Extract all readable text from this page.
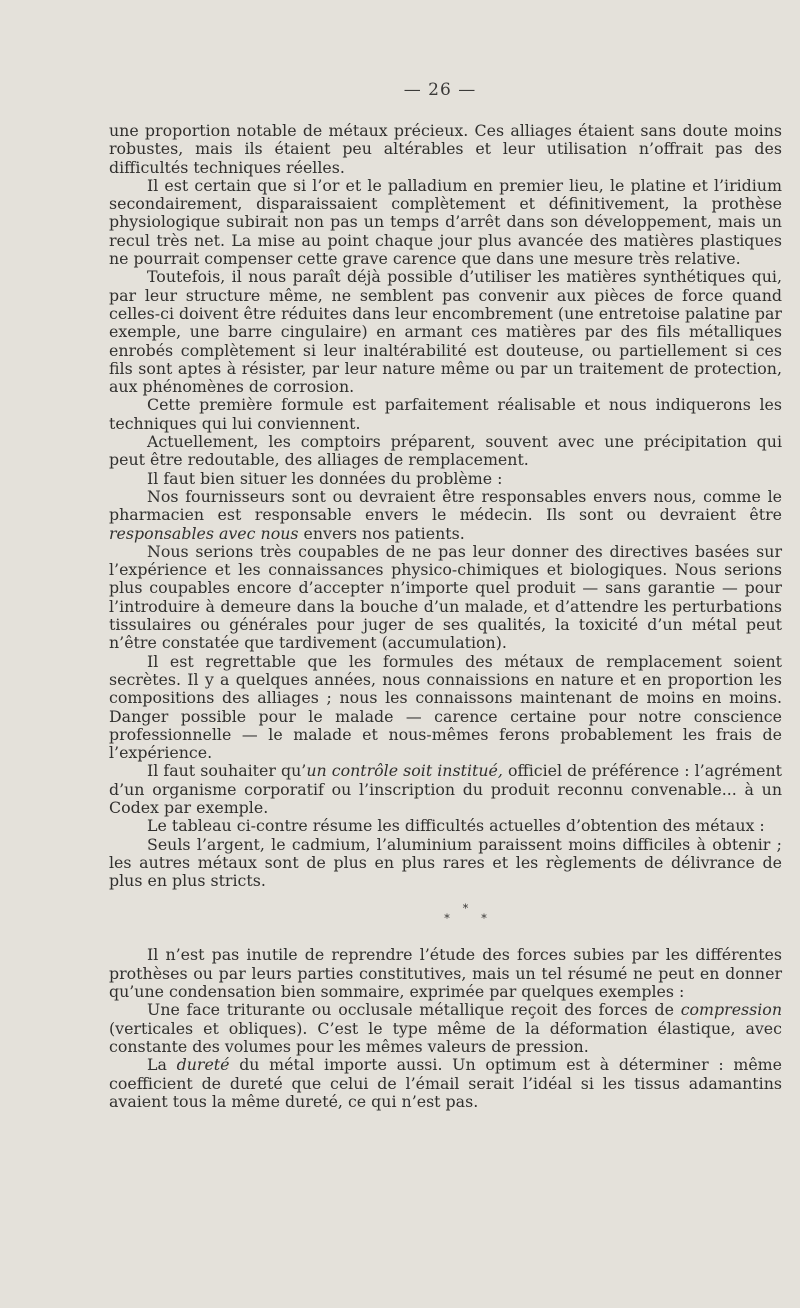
— 26 —

une proportion notable de métaux précieux. Ces alliages étaient sans doute moins robustes, mais ils étaient peu altérables et leur utilisation n’offrait pas des difficultés techniques réelles.

Il est certain que si l’or et le palladium en premier lieu, le platine et l’iridium secondairement, disparaissaient complètement et définitivement, la prothèse physiologique subirait non pas un temps d’arrêt dans son développement, mais un recul très net. La mise au point chaque jour plus avancée des matières plastiques ne pourrait compenser cette grave carence que dans une mesure très relative.

Toutefois, il nous paraît déjà possible d’utiliser les matières synthétiques qui, par leur structure même, ne semblent pas convenir aux pièces de force quand celles-ci doivent être réduites dans leur encombrement (une entretoise palatine par exemple, une barre cingulaire) en armant ces matières par des fils métalliques enrobés complètement si leur inaltérabilité est douteuse, ou partiellement si ces fils sont aptes à résister, par leur nature même ou par un traitement de protection, aux phénomènes de corrosion.

Cette première formule est parfaitement réalisable et nous indiquerons les techniques qui lui conviennent.

Actuellement, les comptoirs préparent, souvent avec une précipitation qui peut être redoutable, des alliages de remplacement.

Il faut bien situer les données du problème :

Nos fournisseurs sont ou devraient être responsables envers nous, comme le pharmacien est responsable envers le médecin. Ils sont ou devraient être responsables avec nous envers nos patients.

Nous serions très coupables de ne pas leur donner des directives basées sur l’expérience et les connaissances physico-chimiques et biologiques. Nous serions plus coupables encore d’accepter n’importe quel produit — sans garantie — pour l’introduire à demeure dans la bouche d’un malade, et d’attendre les perturbations tissulaires ou générales pour juger de ses qualités, la toxicité d’un métal peut n’être constatée que tardivement (accumulation).

Il est regrettable que les formules des métaux de remplacement soient secrètes. Il y a quelques années, nous connaissions en nature et en proportion les compositions des alliages ; nous les connaissons maintenant de moins en moins. Danger possible pour le malade — carence certaine pour notre conscience professionnelle — le malade et nous-mêmes ferons probablement les frais de l’expérience.

Il faut souhaiter qu’un contrôle soit institué, officiel de préférence : l’agrément d’un organisme corporatif ou l’inscription du produit reconnu convenable... à un Codex par exemple.

Le tableau ci-contre résume les difficultés actuelles d’obtention des métaux :

Seuls l’argent, le cadmium, l’aluminium paraissent moins difficiles à obtenir ; les autres métaux sont de plus en plus rares et les règlements de délivrance de plus en plus stricts.

*
* *

Il n’est pas inutile de reprendre l’étude des forces subies par les différentes prothèses ou par leurs parties constitutives, mais un tel résumé ne peut en donner qu’une condensation bien sommaire, exprimée par quelques exemples :

Une face triturante ou occlusale métallique reçoit des forces de compression (verticales et obliques). C’est le type même de la déformation élastique, avec constante des volumes pour les mêmes valeurs de pression.

La dureté du métal importe aussi. Un optimum est à déterminer : même coefficient de dureté que celui de l’émail serait l’idéal si les tissus adamantins avaient tous la même dureté, ce qui n’est pas.
